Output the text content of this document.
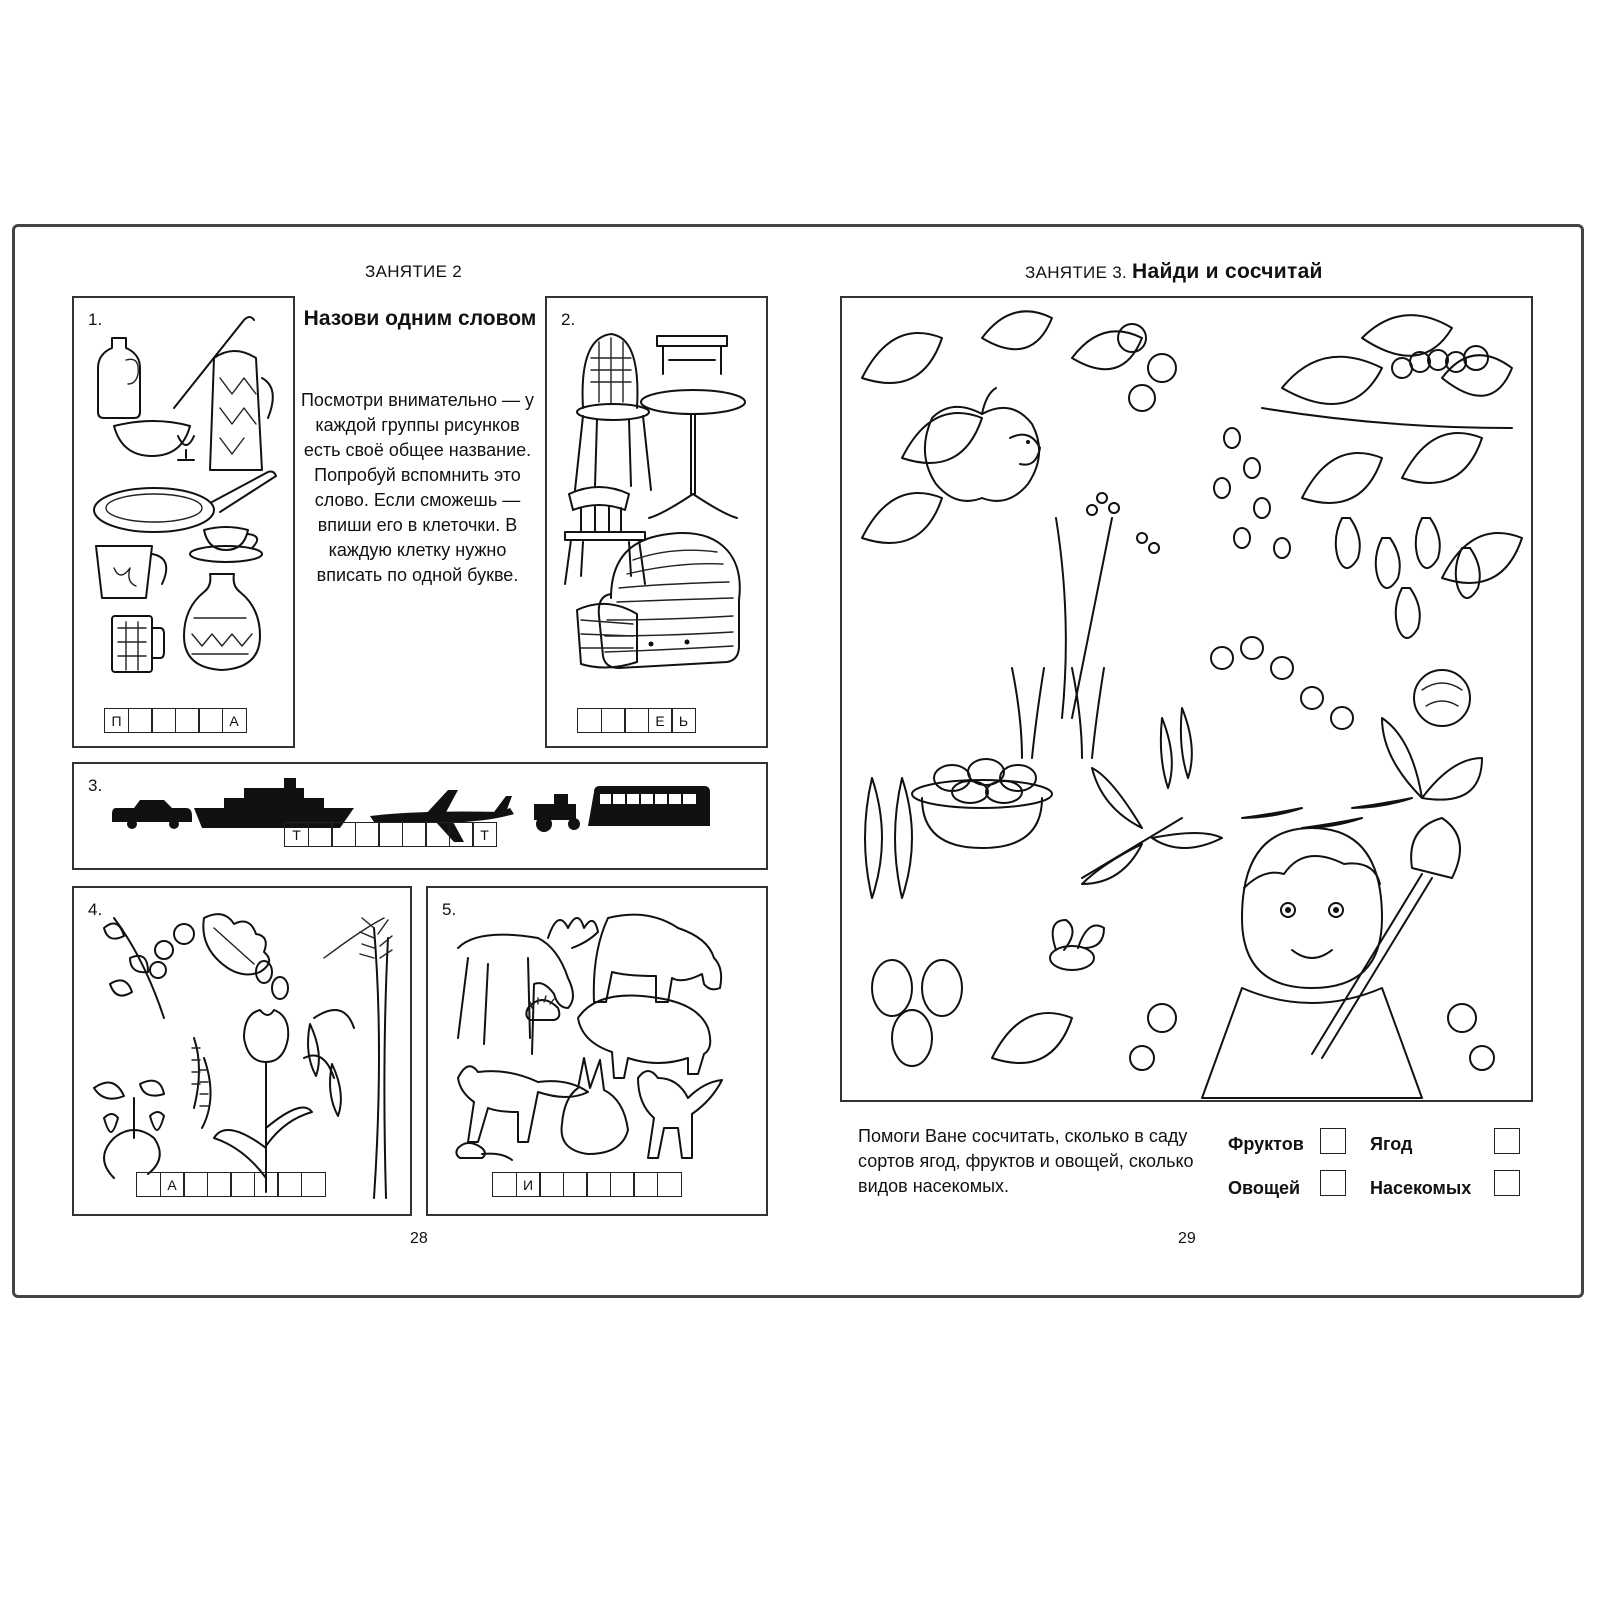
ЗАНЯТИЕ 2
1.
П	А
Назови одним словом
Посмотри внимательно — у каждой группы рисунков есть своё общее название. Попробуй вспомнить это слово. Если сможешь — впиши его в клеточки. В каждую клетку нужно вписать по одной букве.
2.
Е	Ь
3.
Т	Т
4.
А
5.
И
28
ЗАНЯТИЕ 3. Найди и сосчитай
Помоги Ване сосчитать, сколько в саду сортов ягод, фруктов и овощей, сколько видов насекомых.
Фруктов	Ягод
Овощей	Насекомых
29
